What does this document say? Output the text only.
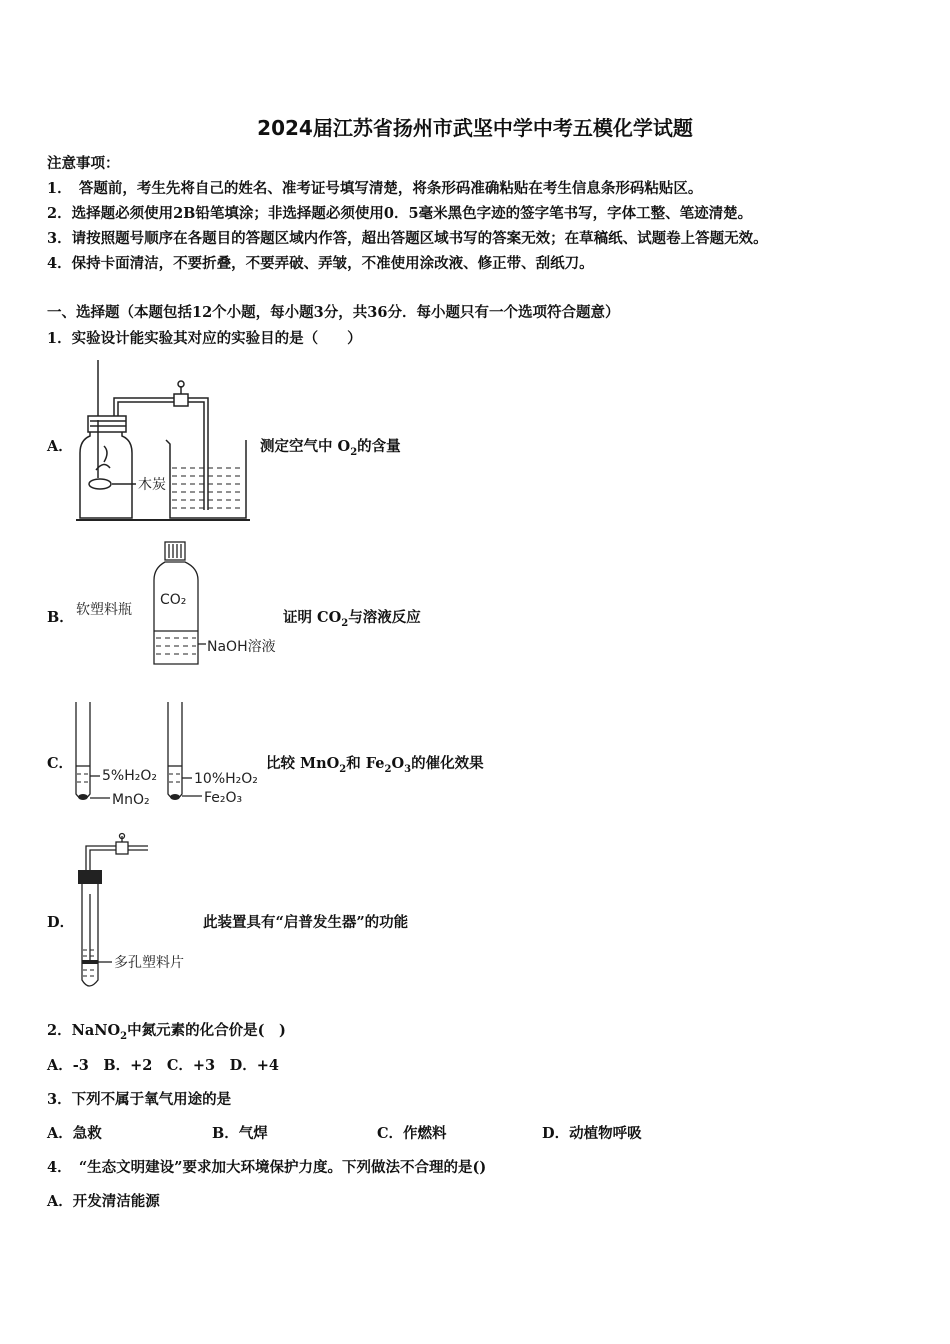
2024届江苏省扬州市武坚中学中考五模化学试题
注意事项：
1．　答题前，考生先将自己的姓名、准考证号填写清楚，将条形码准确粘贴在考生信息条形码粘贴区。
2．选择题必须使用2B铅笔填涂；非选择题必须使用0．5毫米黑色字迹的签字笔书写，字体工整、笔迹清楚。
3．请按照题号顺序在各题目的答题区域内作答，超出答题区域书写的答案无效；在草稿纸、试题卷上答题无效。
4．保持卡面清洁，不要折叠，不要弄破、弄皱，不准使用涂改液、修正带、刮纸刀。
一、选择题（本题包括12个小题，每小题3分，共36分．每小题只有一个选项符合题意）
1．实验设计能实验其对应的实验目的是（　　）
A．
木炭
测定空气中 $O_2$的含量
B． 软塑料瓶
CO₂
NaOH溶液
证明 $CO_2$与溶液反应
C．
5%H₂O₂
MnO₂
10%H₂O₂
Fe₂O₃
比较 MnO$_2$和 $Fe_2O_3$的催化效果
D．
多孔塑料片
此装置具有“启普发生器”的功能
2．NaNO$_2$中氮元素的化合价是(　)
A．-3　B．+2　C．+3　D．+4
3．下列不属于氧气用途的是
A．急救	B．气焊	C．作燃料	D．动植物呼吸
4．　“生态文明建设”要求加大环境保护力度。下列做法不合理的是()
A．开发清洁能源
